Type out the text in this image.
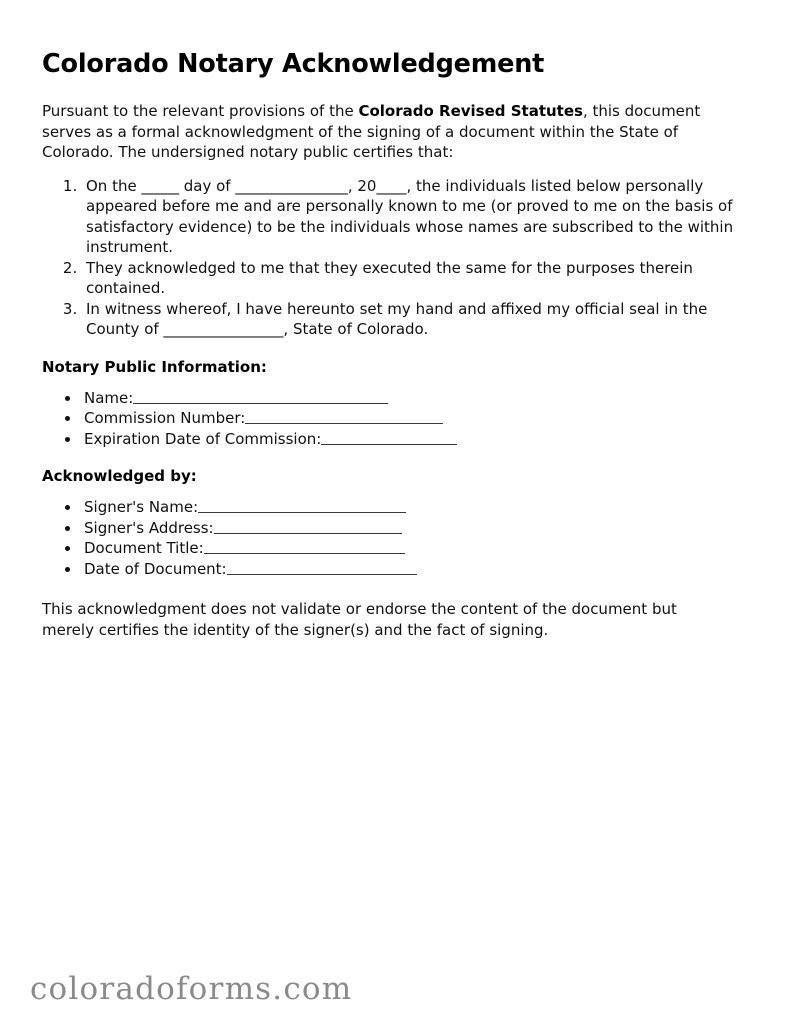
Colorado Notary Acknowledgement

Pursuant to the relevant provisions of the Colorado Revised Statutes, this document serves as a formal acknowledgment of the signing of a document within the State of Colorado. The undersigned notary public certifies that:

1. On the _____ day of _______________, 20____, the individuals listed below personally appeared before me and are personally known to me (or proved to me on the basis of satisfactory evidence) to be the individuals whose names are subscribed to the within instrument.
2. They acknowledged to me that they executed the same for the purposes therein contained.
3. In witness whereof, I have hereunto set my hand and affixed my official seal in the County of ________________, State of Colorado.
Notary Public Information:
• Name:
• Commission Number:
• Expiration Date of Commission:
Acknowledged by:
• Signer's Name:
• Signer's Address:
• Document Title:
• Date of Document:

This acknowledgment does not validate or endorse the content of the document but merely certifies the identity of the signer(s) and the fact of signing.

coloradoforms.com
